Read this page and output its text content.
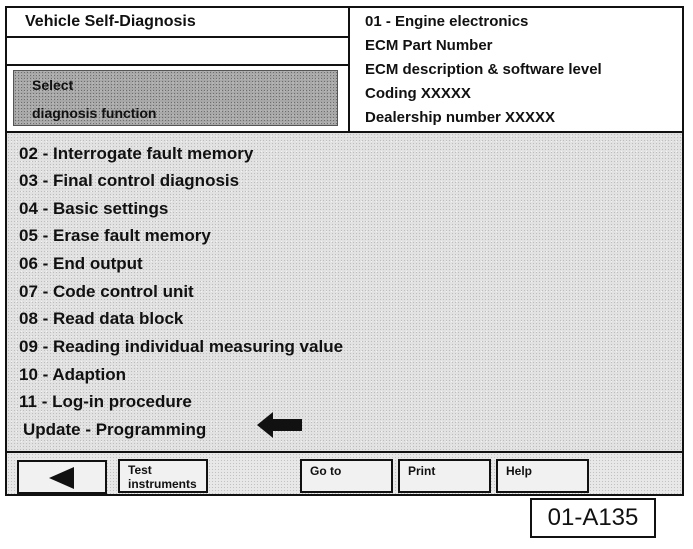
Vehicle Self-Diagnosis
Select
diagnosis function
01 - Engine electronics
ECM Part Number
ECM description & software level
Coding XXXXX
Dealership number XXXXX
02 - Interrogate fault memory
03 - Final control diagnosis
04 - Basic settings
05 - Erase fault memory
06 - End output
07 - Code control unit
08 - Read data block
09 - Reading individual measuring value
10 - Adaption
11 - Log-in procedure
Update - Programming
Test
instruments
Go to	Print	Help
01-A135
